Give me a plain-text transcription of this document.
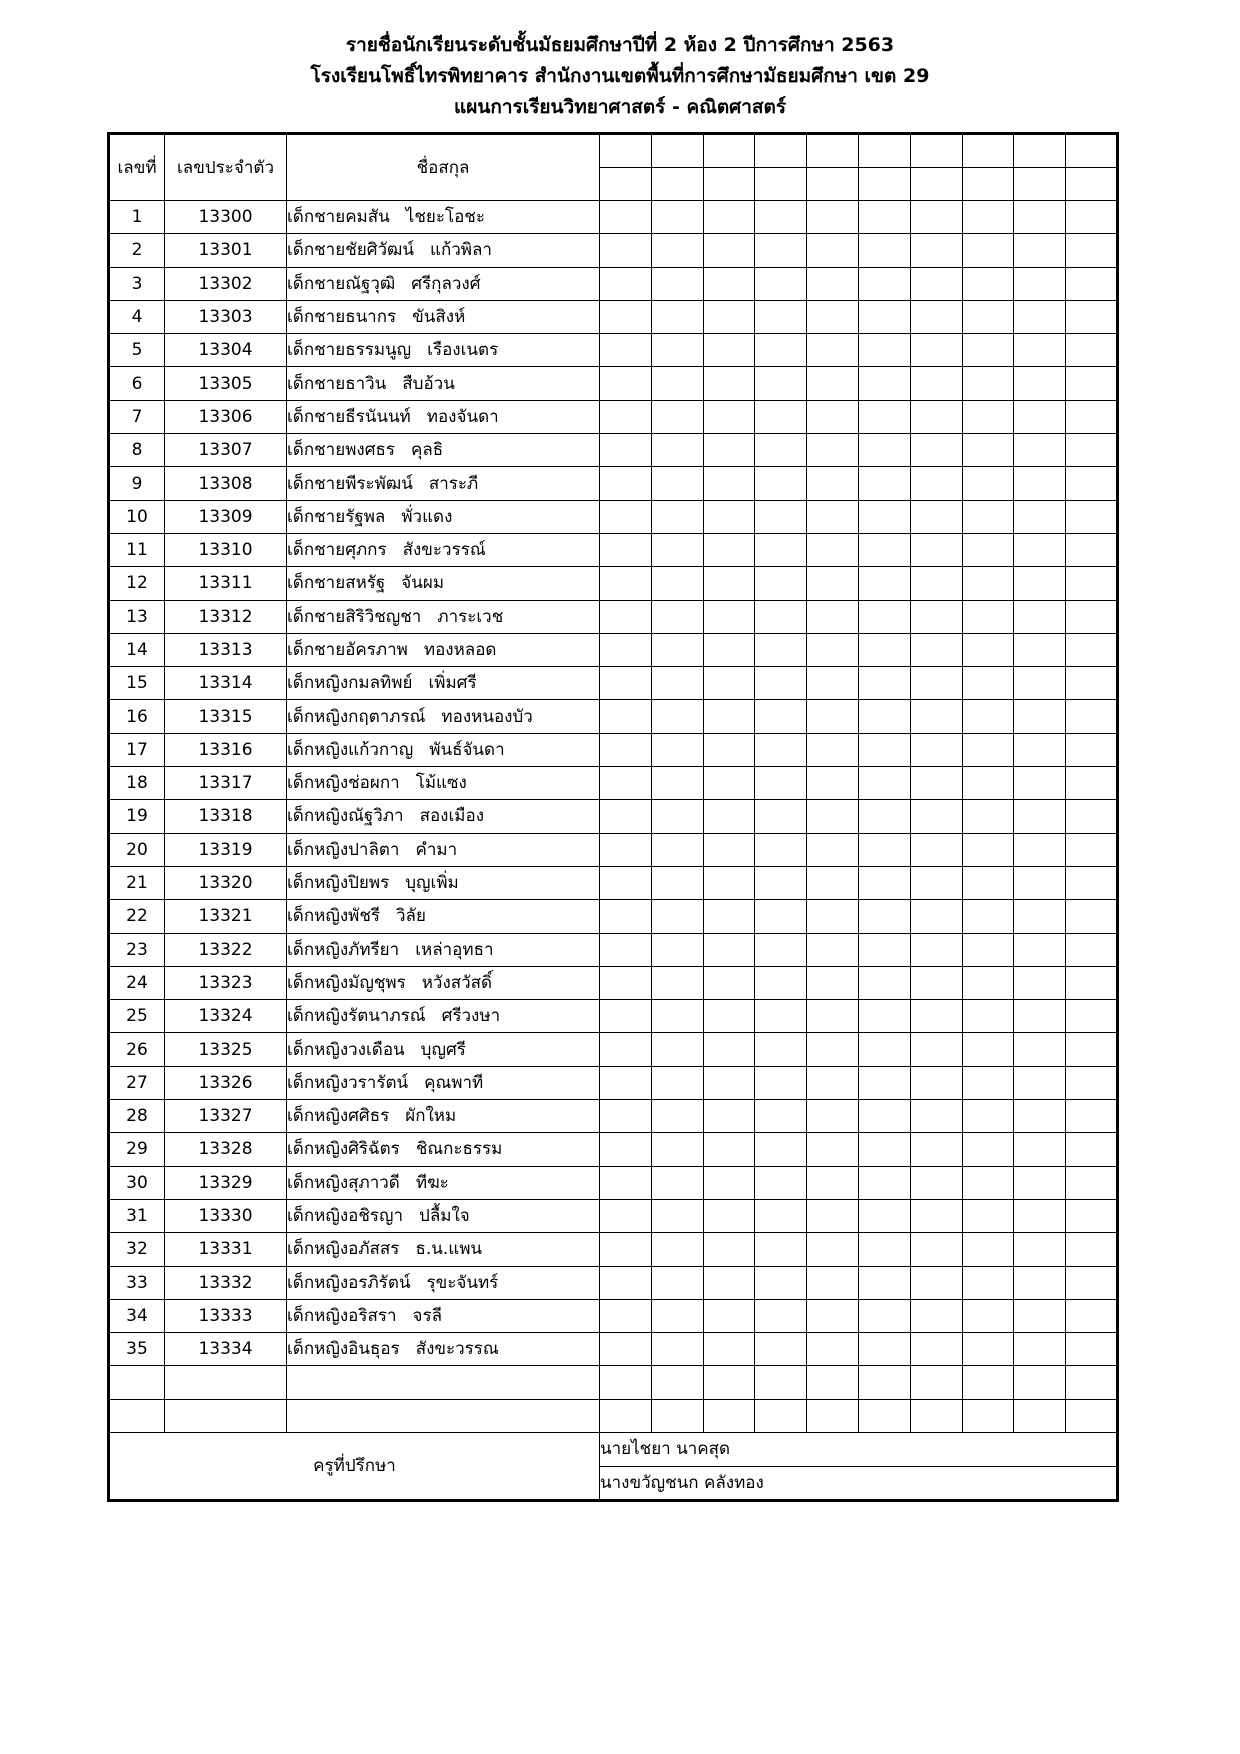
รายชื่อนักเรียนระดับชั้นมัธยมศึกษาปีที่ 2 ห้อง 2 ปีการศึกษา 2563
โรงเรียนโพธิ์ไทรพิทยาคาร สำนักงานเขตพื้นที่การศึกษามัธยมศึกษา เขต 29
แผนการเรียนวิทยาศาสตร์ - คณิตศาสตร์
เลขที่	เลขประจำตัว	ชื่อสกุล										

1	13300	เด็กชายคมสัน ไชยะโอชะ										
2	13301	เด็กชายชัยศิวัฒน์ แก้วพิลา										
3	13302	เด็กชายณัฐวุฒิ ศรีกุลวงศ์										
4	13303	เด็กชายธนากร ขันสิงห์										
5	13304	เด็กชายธรรมนูญ เรืองเนตร										
6	13305	เด็กชายธาวิน สืบอ้วน										
7	13306	เด็กชายธีรนันนท์ ทองจันดา										
8	13307	เด็กชายพงศธร คุลธิ										
9	13308	เด็กชายพีระพัฒน์ สาระภี										
10	13309	เด็กชายรัฐพล พั่วแดง										
11	13310	เด็กชายศุภกร สังขะวรรณ์										
12	13311	เด็กชายสหรัฐ จันผม										
13	13312	เด็กชายสิริวิชญชา ภาระเวช										
14	13313	เด็กชายอัครภาพ ทองหลอด										
15	13314	เด็กหญิงกมลทิพย์ เพิ่มศรี										
16	13315	เด็กหญิงกฤตาภรณ์ ทองหนองบัว										
17	13316	เด็กหญิงแก้วกาญ พันธ์จันดา										
18	13317	เด็กหญิงช่อผกา โม้แซง										
19	13318	เด็กหญิงณัฐวิภา สองเมือง										
20	13319	เด็กหญิงปาลิตา คำมา										
21	13320	เด็กหญิงปิยพร บุญเพิ่ม										
22	13321	เด็กหญิงพัชรี วิลัย										
23	13322	เด็กหญิงภัทรียา เหล่าอุทธา										
24	13323	เด็กหญิงมัญชุพร หวังสวัสดิ์										
25	13324	เด็กหญิงรัตนาภรณ์ ศรีวงษา										
26	13325	เด็กหญิงวงเดือน บุญศรี										
27	13326	เด็กหญิงวรารัตน์ คุณพาที										
28	13327	เด็กหญิงศศิธร ผักใหม										
29	13328	เด็กหญิงศิริฉัตร ชิณกะธรรม										
30	13329	เด็กหญิงสุภาวดี ทีฆะ										
31	13330	เด็กหญิงอชิรญา ปลื้มใจ										
32	13331	เด็กหญิงอภัสสร ธ.น.แพน										
33	13332	เด็กหญิงอรภิรัตน์ รุขะจันทร์										
34	13333	เด็กหญิงอริสรา จรลี										
35	13334	เด็กหญิงอินธุอร สังขะวรรณ										

ครูที่ปรึกษา			นายไชยา นาคสุด									
			นางขวัญชนก คลังทอง									
